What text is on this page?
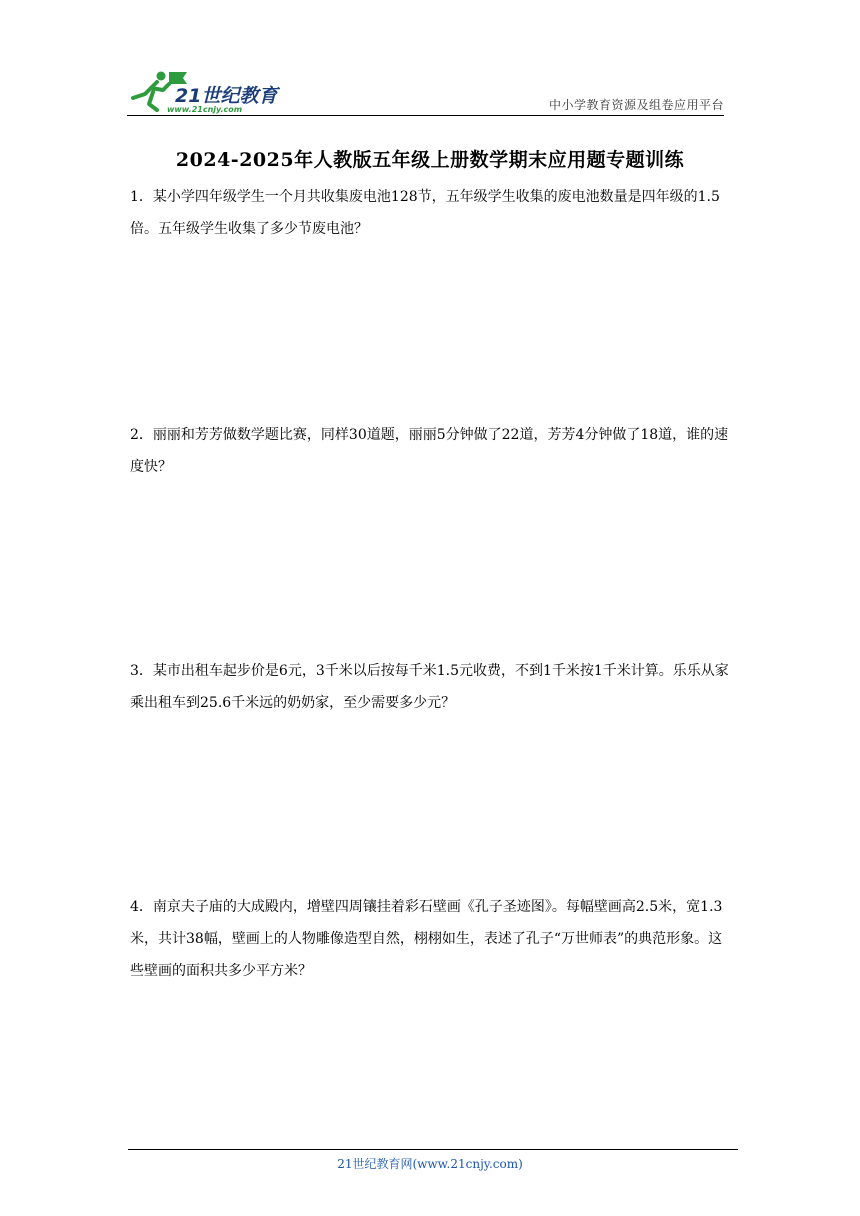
21世纪教育
www.21cnjy.com	中小学教育资源及组卷应用平台
2024-2025年人教版五年级上册数学期末应用题专题训练
1．某小学四年级学生一个月共收集废电池128节，五年级学生收集的废电池数量是四年级的1.5倍。五年级学生收集了多少节废电池？
2．丽丽和芳芳做数学题比赛，同样30道题，丽丽5分钟做了22道，芳芳4分钟做了18道，谁的速度快？
3．某市出租车起步价是6元，3千米以后按每千米1.5元收费，不到1千米按1千米计算。乐乐从家乘出租车到25.6千米远的奶奶家，至少需要多少元？
4．南京夫子庙的大成殿内，增壁四周镶挂着彩石壁画《孔子圣迹图》。每幅壁画高2.5米，宽1.3米，共计38幅，壁画上的人物雕像造型自然，栩栩如生，表述了孔子“万世师表”的典范形象。这些壁画的面积共多少平方米？
21世纪教育网(www.21cnjy.com)
